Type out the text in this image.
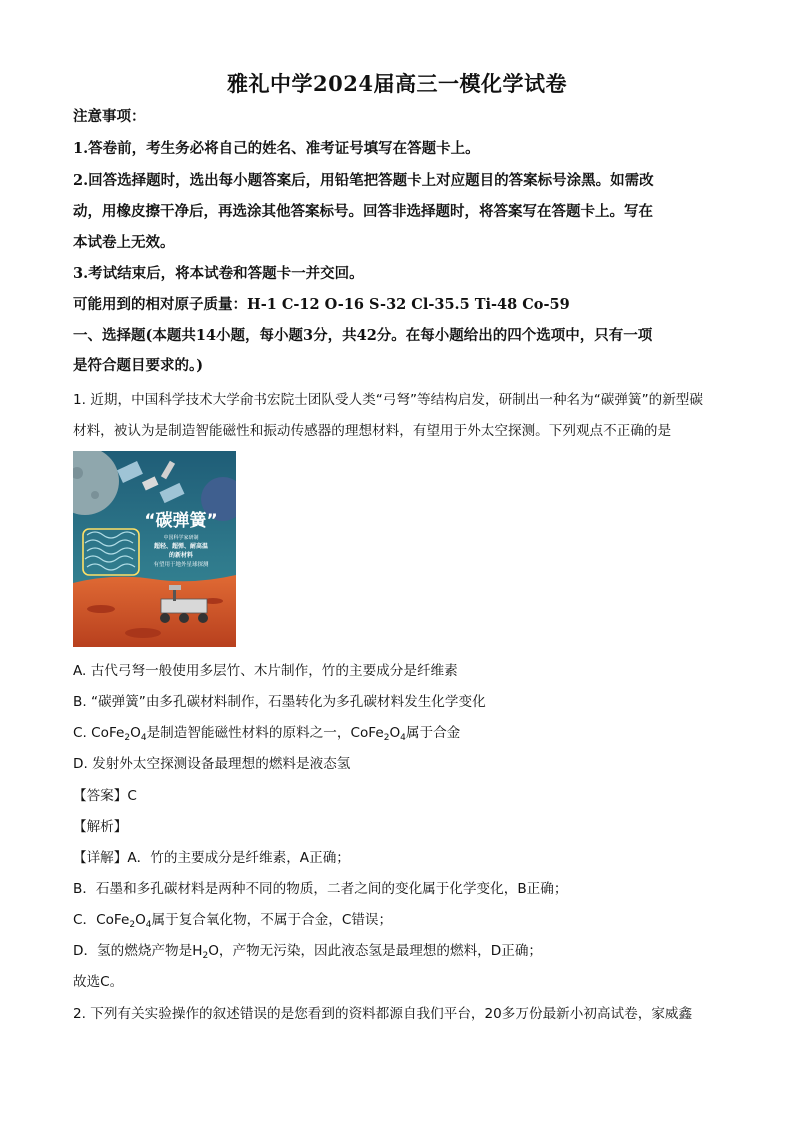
雅礼中学2024届高三一模化学试卷
注意事项：
1.答卷前，考生务必将自己的姓名、准考证号填写在答题卡上。
2.回答选择题时，选出每小题答案后，用铅笔把答题卡上对应题目的答案标号涂黑。如需改
动，用橡皮擦干净后，再选涂其他答案标号。回答非选择题时，将答案写在答题卡上。写在
本试卷上无效。
3.考试结束后，将本试卷和答题卡一并交回。
可能用到的相对原子质量：H-1 C-12 O-16 S-32 Cl-35.5 Ti-48 Co-59
一、选择题(本题共14小题，每小题3分，共42分。在每小题给出的四个选项中，只有一项
是符合题目要求的。)
1. 近期，中国科学技术大学俞书宏院士团队受人类“弓弩”等结构启发，研制出一种名为“碳弹簧”的新型碳
材料，被认为是制造智能磁性和振动传感器的理想材料，有望用于外太空探测。下列观点不正确的是
“碳弹簧”
中国科学家研制
超轻、超弹、耐高温
的新材料
有望用于地外星球探测
A. 古代弓弩一般使用多层竹、木片制作，竹的主要成分是纤维素
B. “碳弹簧”由多孔碳材料制作，石墨转化为多孔碳材料发生化学变化
C. $CoFe_2O_4$是制造智能磁性材料的原料之一，$CoFe_2O_4$属于合金
D. 发射外太空探测设备最理想的燃料是液态氢
【答案】C
【解析】
【详解】A．竹的主要成分是纤维素，A正确；
B．石墨和多孔碳材料是两种不同的物质，二者之间的变化属于化学变化，B正确；
C．$CoFe_2O_4$属于复合氧化物，不属于合金，C错误；
D．氢的燃烧产物是$H_2O$，产物无污染，因此液态氢是最理想的燃料，D正确；
故选C。
2. 下列有关实验操作的叙述错误的是您看到的资料都源自我们平台，20多万份最新小初高试卷，家威鑫
